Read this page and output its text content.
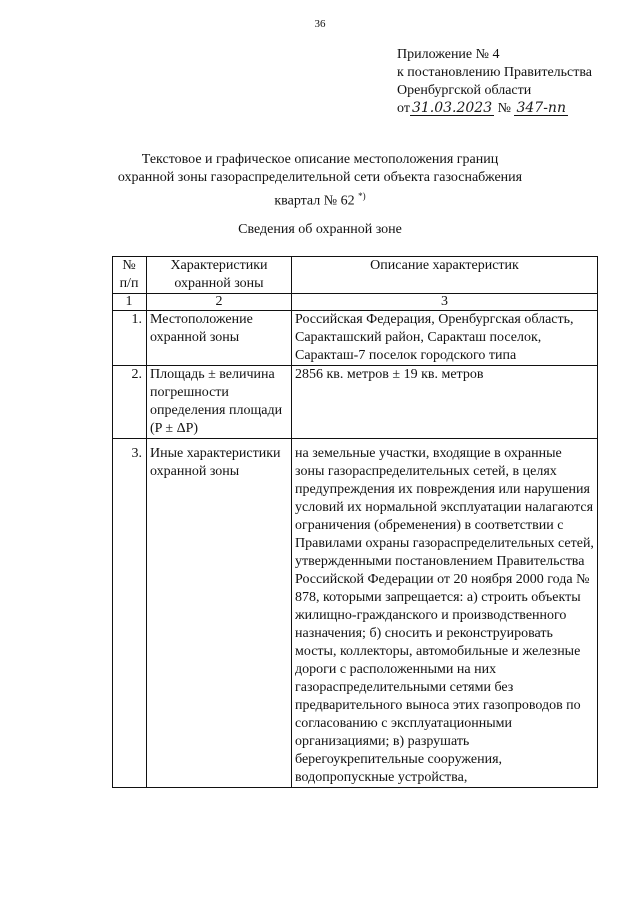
36
Приложение № 4
к постановлению Правительства
Оренбургской области
от 31.03.2023 № 347-пп
Текстовое и графическое описание местоположения границ
охранной зоны газораспределительной сети объекта газоснабжения
квартал № 62 *)
Сведения об охранной зоне
№ п/п	Характеристики охранной зоны	Описание характеристик
1	2	3
1.	Местоположение охранной зоны	Российская Федерация, Оренбургская область, Саракташский район, Саракташ поселок, Саракташ-7 поселок городского типа
2.	Площадь ± величина погрешности определения площади (P ± ΔP)	2856 кв. метров ± 19 кв. метров
3.	Иные характеристики охранной зоны	на земельные участки, входящие в охранные зоны газораспределительных сетей, в целях предупреждения их повреждения или нарушения условий их нормальной эксплуатации налагаются ограничения (обременения) в соответствии с Правилами охраны газораспределительных сетей, утвержденными постановлением Правительства Российской Федерации от 20 ноября 2000 года № 878, которыми запрещается: а) строить объекты жилищно-гражданского и производственного назначения; б) сносить и реконструировать мосты, коллекторы, автомобильные и железные дороги с расположенными на них газораспределительными сетями без предварительного выноса этих газопроводов по согласованию с эксплуатационными организациями; в) разрушать берегоукрепительные сооружения, водопропускные устройства,
